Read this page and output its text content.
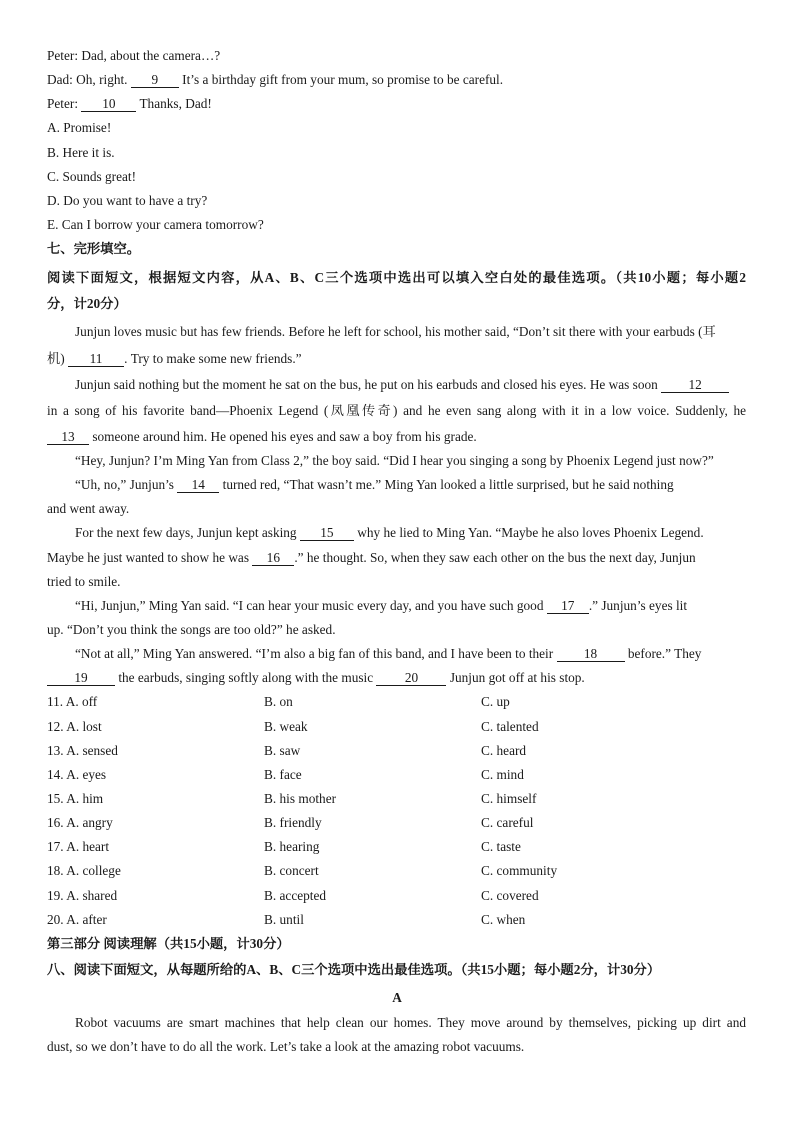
Peter: Dad, about the camera…?
Dad: Oh, right. 9 It’s a birthday gift from your mum, so promise to be careful.
Peter: 10 Thanks, Dad!
A. Promise!
B. Here it is.
C. Sounds great!
D. Do you want to have a try?
E. Can I borrow your camera tomorrow?
七、完形填空。
阅读下面短文，根据短文内容，从A、B、C三个选项中选出可以填入空白处的最佳选项。（共10小题；每小题2
分，计20分）
Junjun loves music but has few friends. Before he left for school, his mother said, “Don’t sit there with your earbuds (耳
机) 11 . Try to make some new friends.”
Junjun said nothing but the moment he sat on the bus, he put on his earbuds and closed his eyes. He was soon 12
in a song of his favorite band—Phoenix Legend (凤凰传奇) and he even sang along with it in a low voice. Suddenly, he
13 someone around him. He opened his eyes and saw a boy from his grade.
“Hey, Junjun? I’m Ming Yan from Class 2,” the boy said. “Did I hear you singing a song by Phoenix Legend just now?”
“Uh, no,” Junjun’s 14 turned red, “That wasn’t me.” Ming Yan looked a little surprised, but he said nothing
and went away.
For the next few days, Junjun kept asking 15 why he lied to Ming Yan. “Maybe he also loves Phoenix Legend.
Maybe he just wanted to show he was 16 .” he thought. So, when they saw each other on the bus the next day, Junjun
tried to smile.
“Hi, Junjun,” Ming Yan said. “I can hear your music every day, and you have such good 17 .” Junjun’s eyes lit
up. “Don’t you think the songs are too old?” he asked.
“Not at all,” Ming Yan answered. “I’m also a big fan of this band, and I have been to their 18 before.” They
19 the earbuds, singing softly along with the music 20 Junjun got off at his stop.
11. A. off	B. on	C. up
12. A. lost	B. weak	C. talented
13. A. sensed	B. saw	C. heard
14. A. eyes	B. face	C. mind
15. A. him	B. his mother	C. himself
16. A. angry	B. friendly	C. careful
17. A. heart	B. hearing	C. taste
18. A. college	B. concert	C. community
19. A. shared	B. accepted	C. covered
20. A. after	B. until	C. when
第三部分 阅读理解（共15小题，计30分）
八、阅读下面短文，从每题所给的A、B、C三个选项中选出最佳选项。（共15小题；每小题2分，计30分）
A
Robot vacuums are smart machines that help clean our homes. They move around by themselves, picking up dirt and
dust, so we don’t have to do all the work. Let’s take a look at the amazing robot vacuums.
